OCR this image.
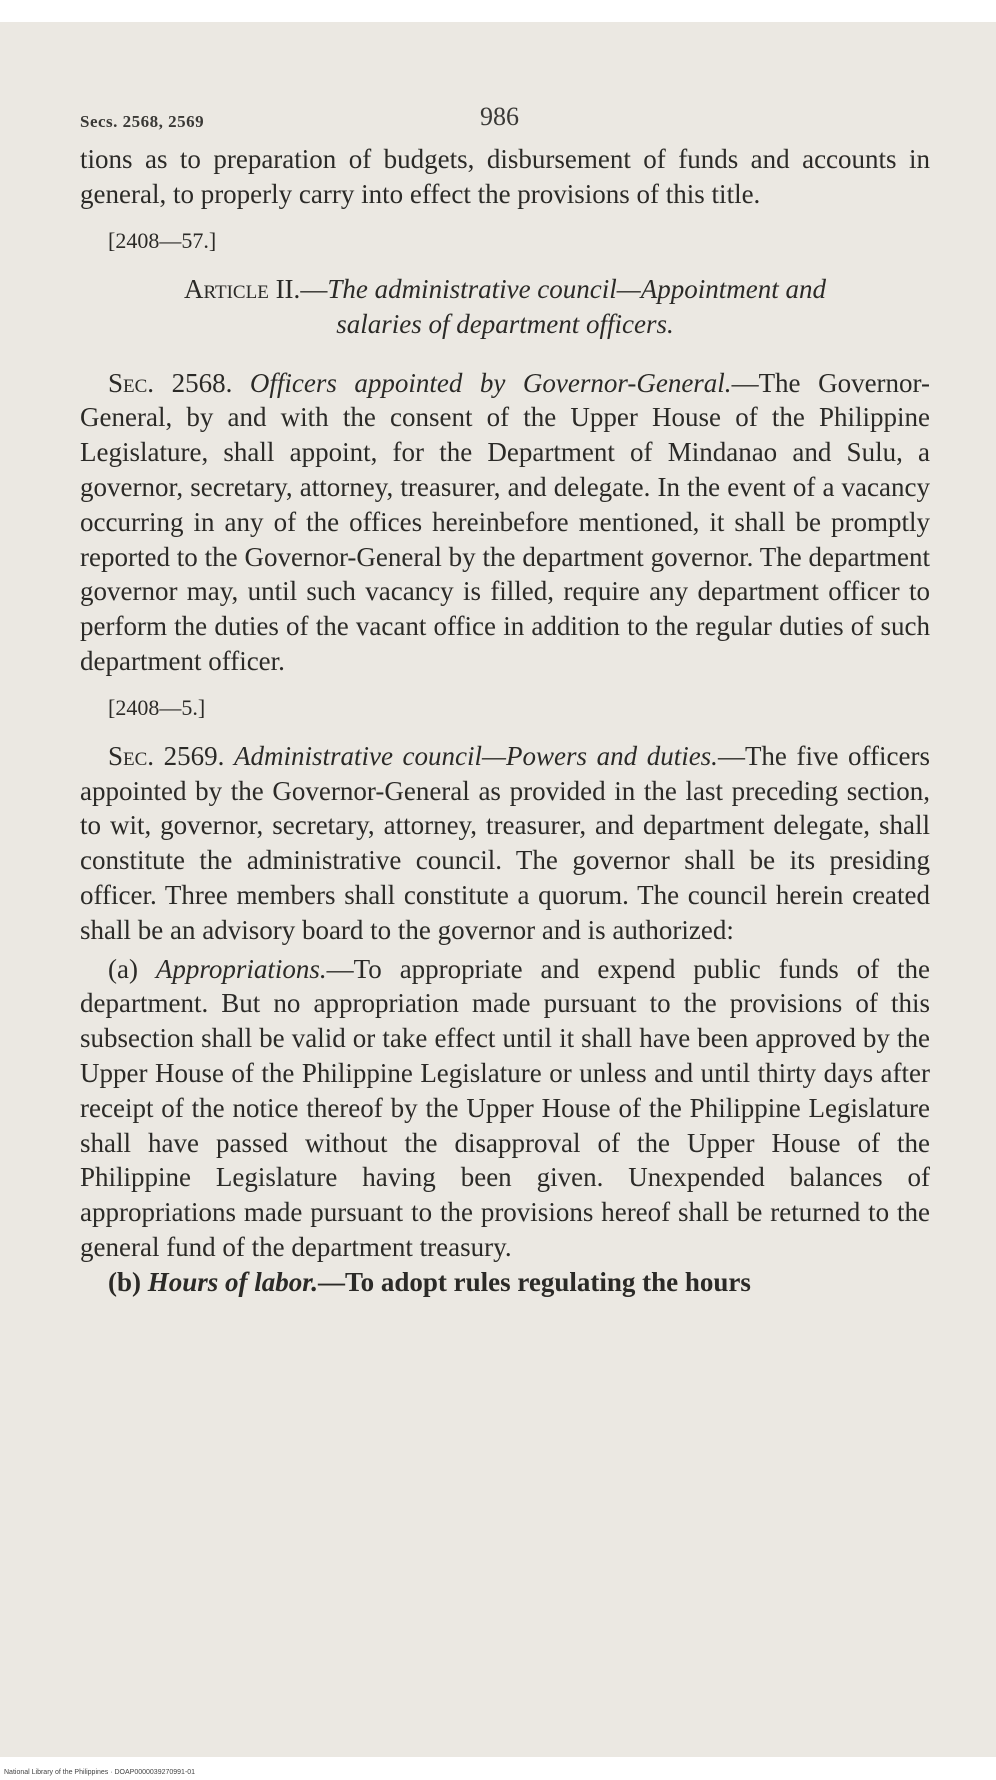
Secs. 2568, 2569	986

tions as to preparation of budgets, disbursement of funds and accounts in general, to properly carry into effect the provisions of this title.

[2408—57.]
Article II.—The administrative council—Appointment and
salaries of department officers.

Sec. 2568. Officers appointed by Governor-General.—The Governor-General, by and with the consent of the Upper House of the Philippine Legislature, shall appoint, for the Department of Mindanao and Sulu, a governor, secretary, attorney, treasurer, and delegate. In the event of a vacancy occurring in any of the offices hereinbefore mentioned, it shall be promptly reported to the Governor-General by the department governor. The department governor may, until such vacancy is filled, require any department officer to perform the duties of the vacant office in addition to the regular duties of such department officer.

[2408—5.]

Sec. 2569. Administrative council—Powers and duties.—The five officers appointed by the Governor-General as provided in the last preceding section, to wit, governor, secretary, attorney, treasurer, and department delegate, shall constitute the administrative council. The governor shall be its presiding officer. Three members shall constitute a quorum. The council herein created shall be an advisory board to the governor and is authorized:

(a) Appropriations.—To appropriate and expend public funds of the department. But no appropriation made pursuant to the provisions of this subsection shall be valid or take effect until it shall have been approved by the Upper House of the Philippine Legislature or unless and until thirty days after receipt of the notice thereof by the Upper House of the Philippine Legislature shall have passed without the disapproval of the Upper House of the Philippine Legislature having been given. Unexpended balances of appropriations made pursuant to the provisions hereof shall be returned to the general fund of the department treasury.

(b) Hours of labor.—To adopt rules regulating the hours

National Library of the Philippines · DOAP0000039270991-01
